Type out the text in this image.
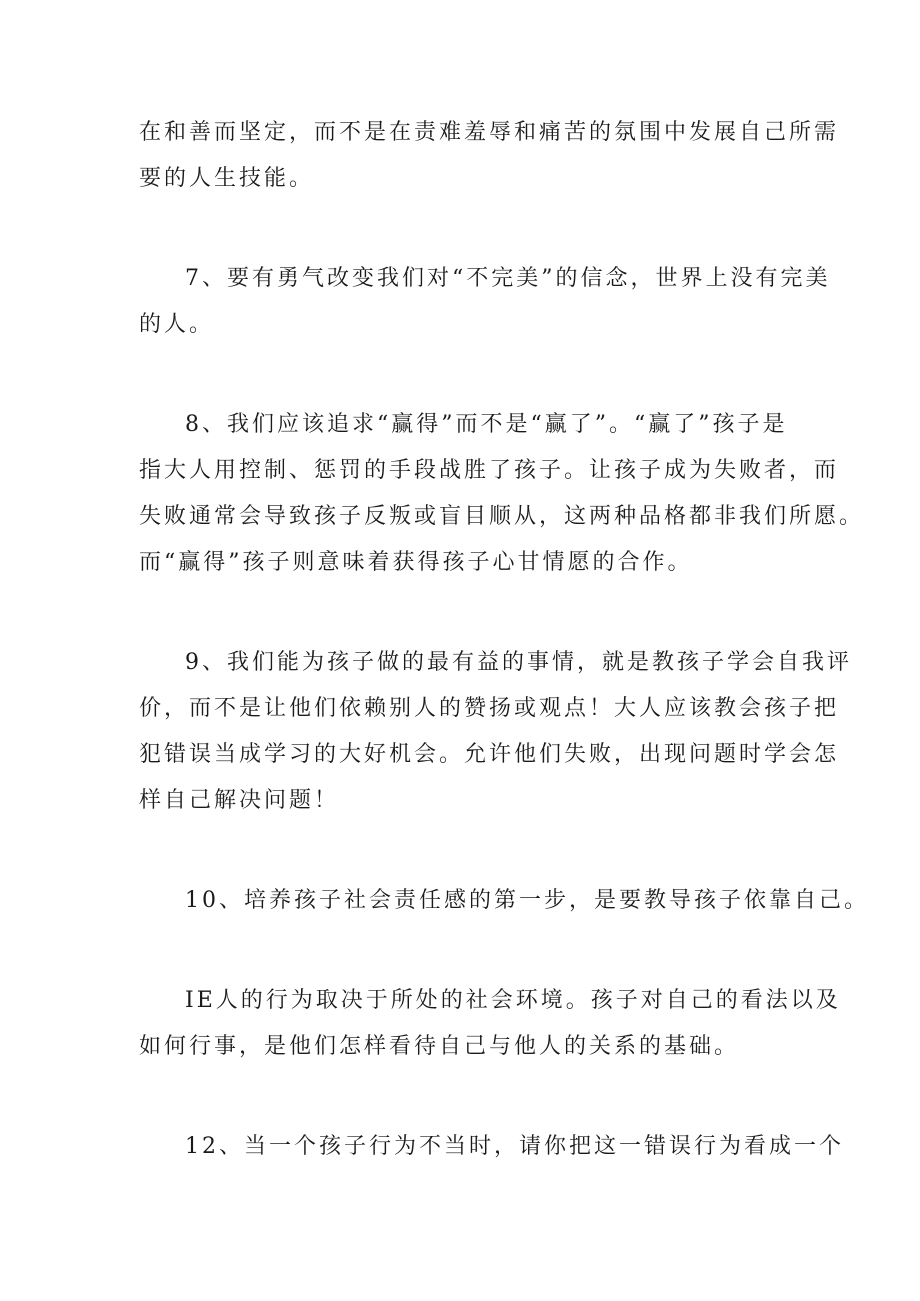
在和善而坚定，而不是在责难羞辱和痛苦的氛围中发展自己所需
要的人生技能。
7、要有勇气改变我们对“不完美”的信念，世界上没有完美
的人。
8、我们应该追求“赢得”而不是“赢了”。“赢了”孩子是
指大人用控制、惩罚的手段战胜了孩子。让孩子成为失败者，而
失败通常会导致孩子反叛或盲目顺从，这两种品格都非我们所愿。
而“赢得”孩子则意味着获得孩子心甘情愿的合作。
9、我们能为孩子做的最有益的事情，就是教孩子学会自我评
价，而不是让他们依赖别人的赞扬或观点！大人应该教会孩子把
犯错误当成学习的大好机会。允许他们失败，出现问题时学会怎
样自己解决问题！
10、培养孩子社会责任感的第一步，是要教导孩子依靠自己。
IE人的行为取决于所处的社会环境。孩子对自己的看法以及
如何行事，是他们怎样看待自己与他人的关系的基础。
12、当一个孩子行为不当时，请你把这一错误行为看成一个
